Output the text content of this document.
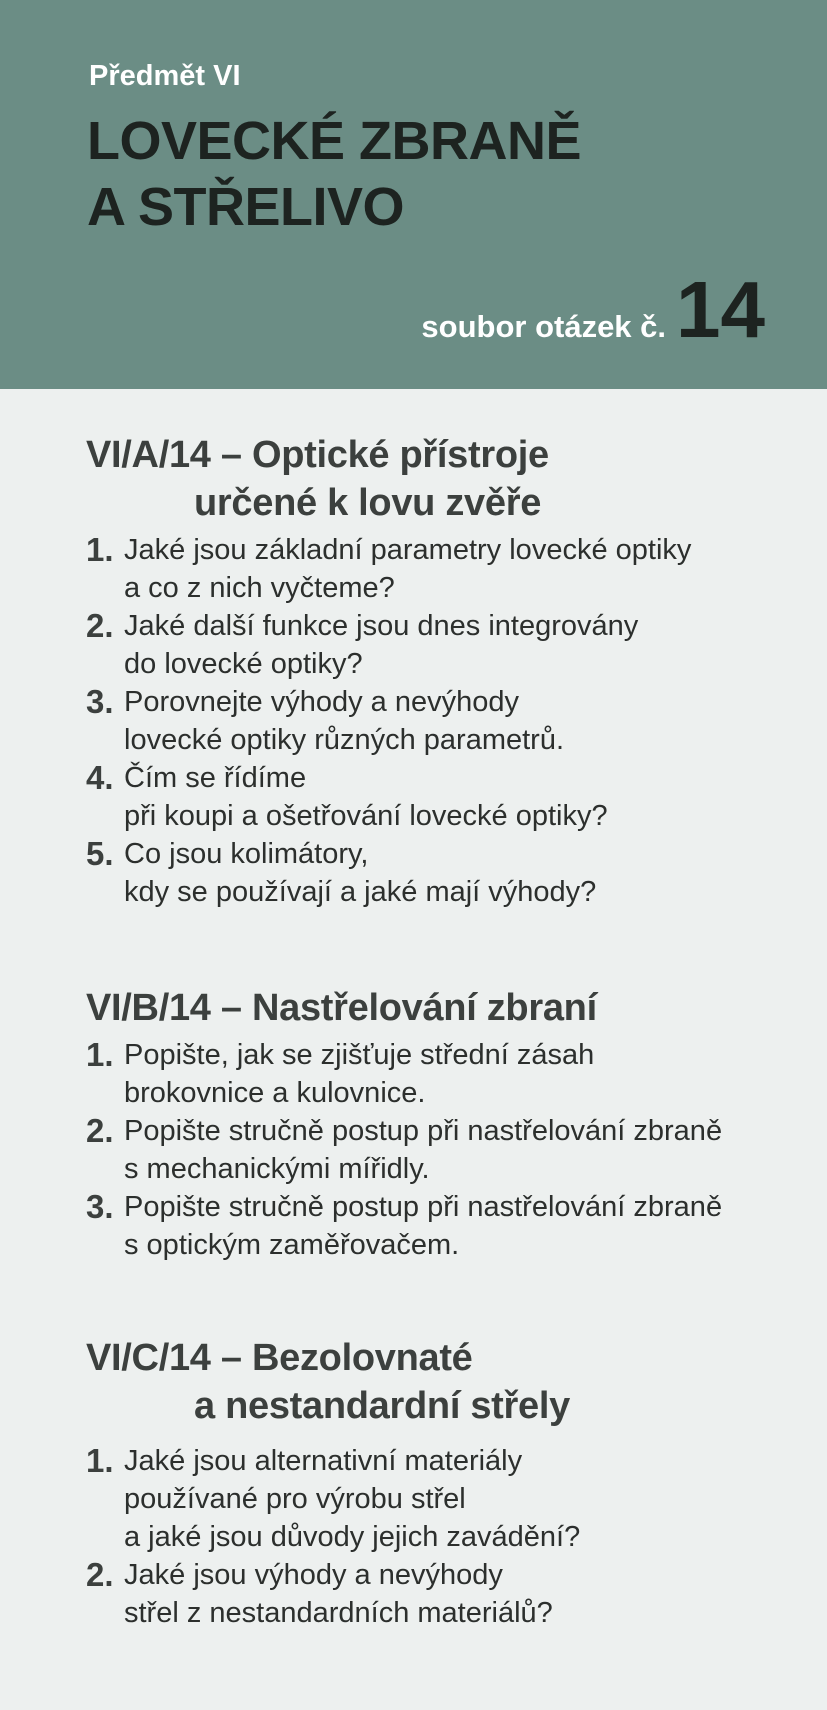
Předmět VI
LOVECKÉ ZBRANĚ
A STŘELIVO
soubor otázek č. 14
VI/A/14 – Optické přístroje
určené k lovu zvěře
1. Jaké jsou základní parametry lovecké optiky
a co z nich vyčteme?
2. Jaké další funkce jsou dnes integrovány
do lovecké optiky?
3. Porovnejte výhody a nevýhody
lovecké optiky různých parametrů.
4. Čím se řídíme
při koupi a ošetřování lovecké optiky?
5. Co jsou kolimátory,
kdy se používají a jaké mají výhody?
VI/B/14 – Nastřelování zbraní
1. Popište, jak se zjišťuje střední zásah
brokovnice a kulovnice.
2. Popište stručně postup při nastřelování zbraně
s mechanickými mířidly.
3. Popište stručně postup při nastřelování zbraně
s optickým zaměřovačem.
VI/C/14 – Bezolovnaté
a nestandardní střely
1. Jaké jsou alternativní materiály
používané pro výrobu střel
a jaké jsou důvody jejich zavádění?
2. Jaké jsou výhody a nevýhody
střel z nestandardních materiálů?
